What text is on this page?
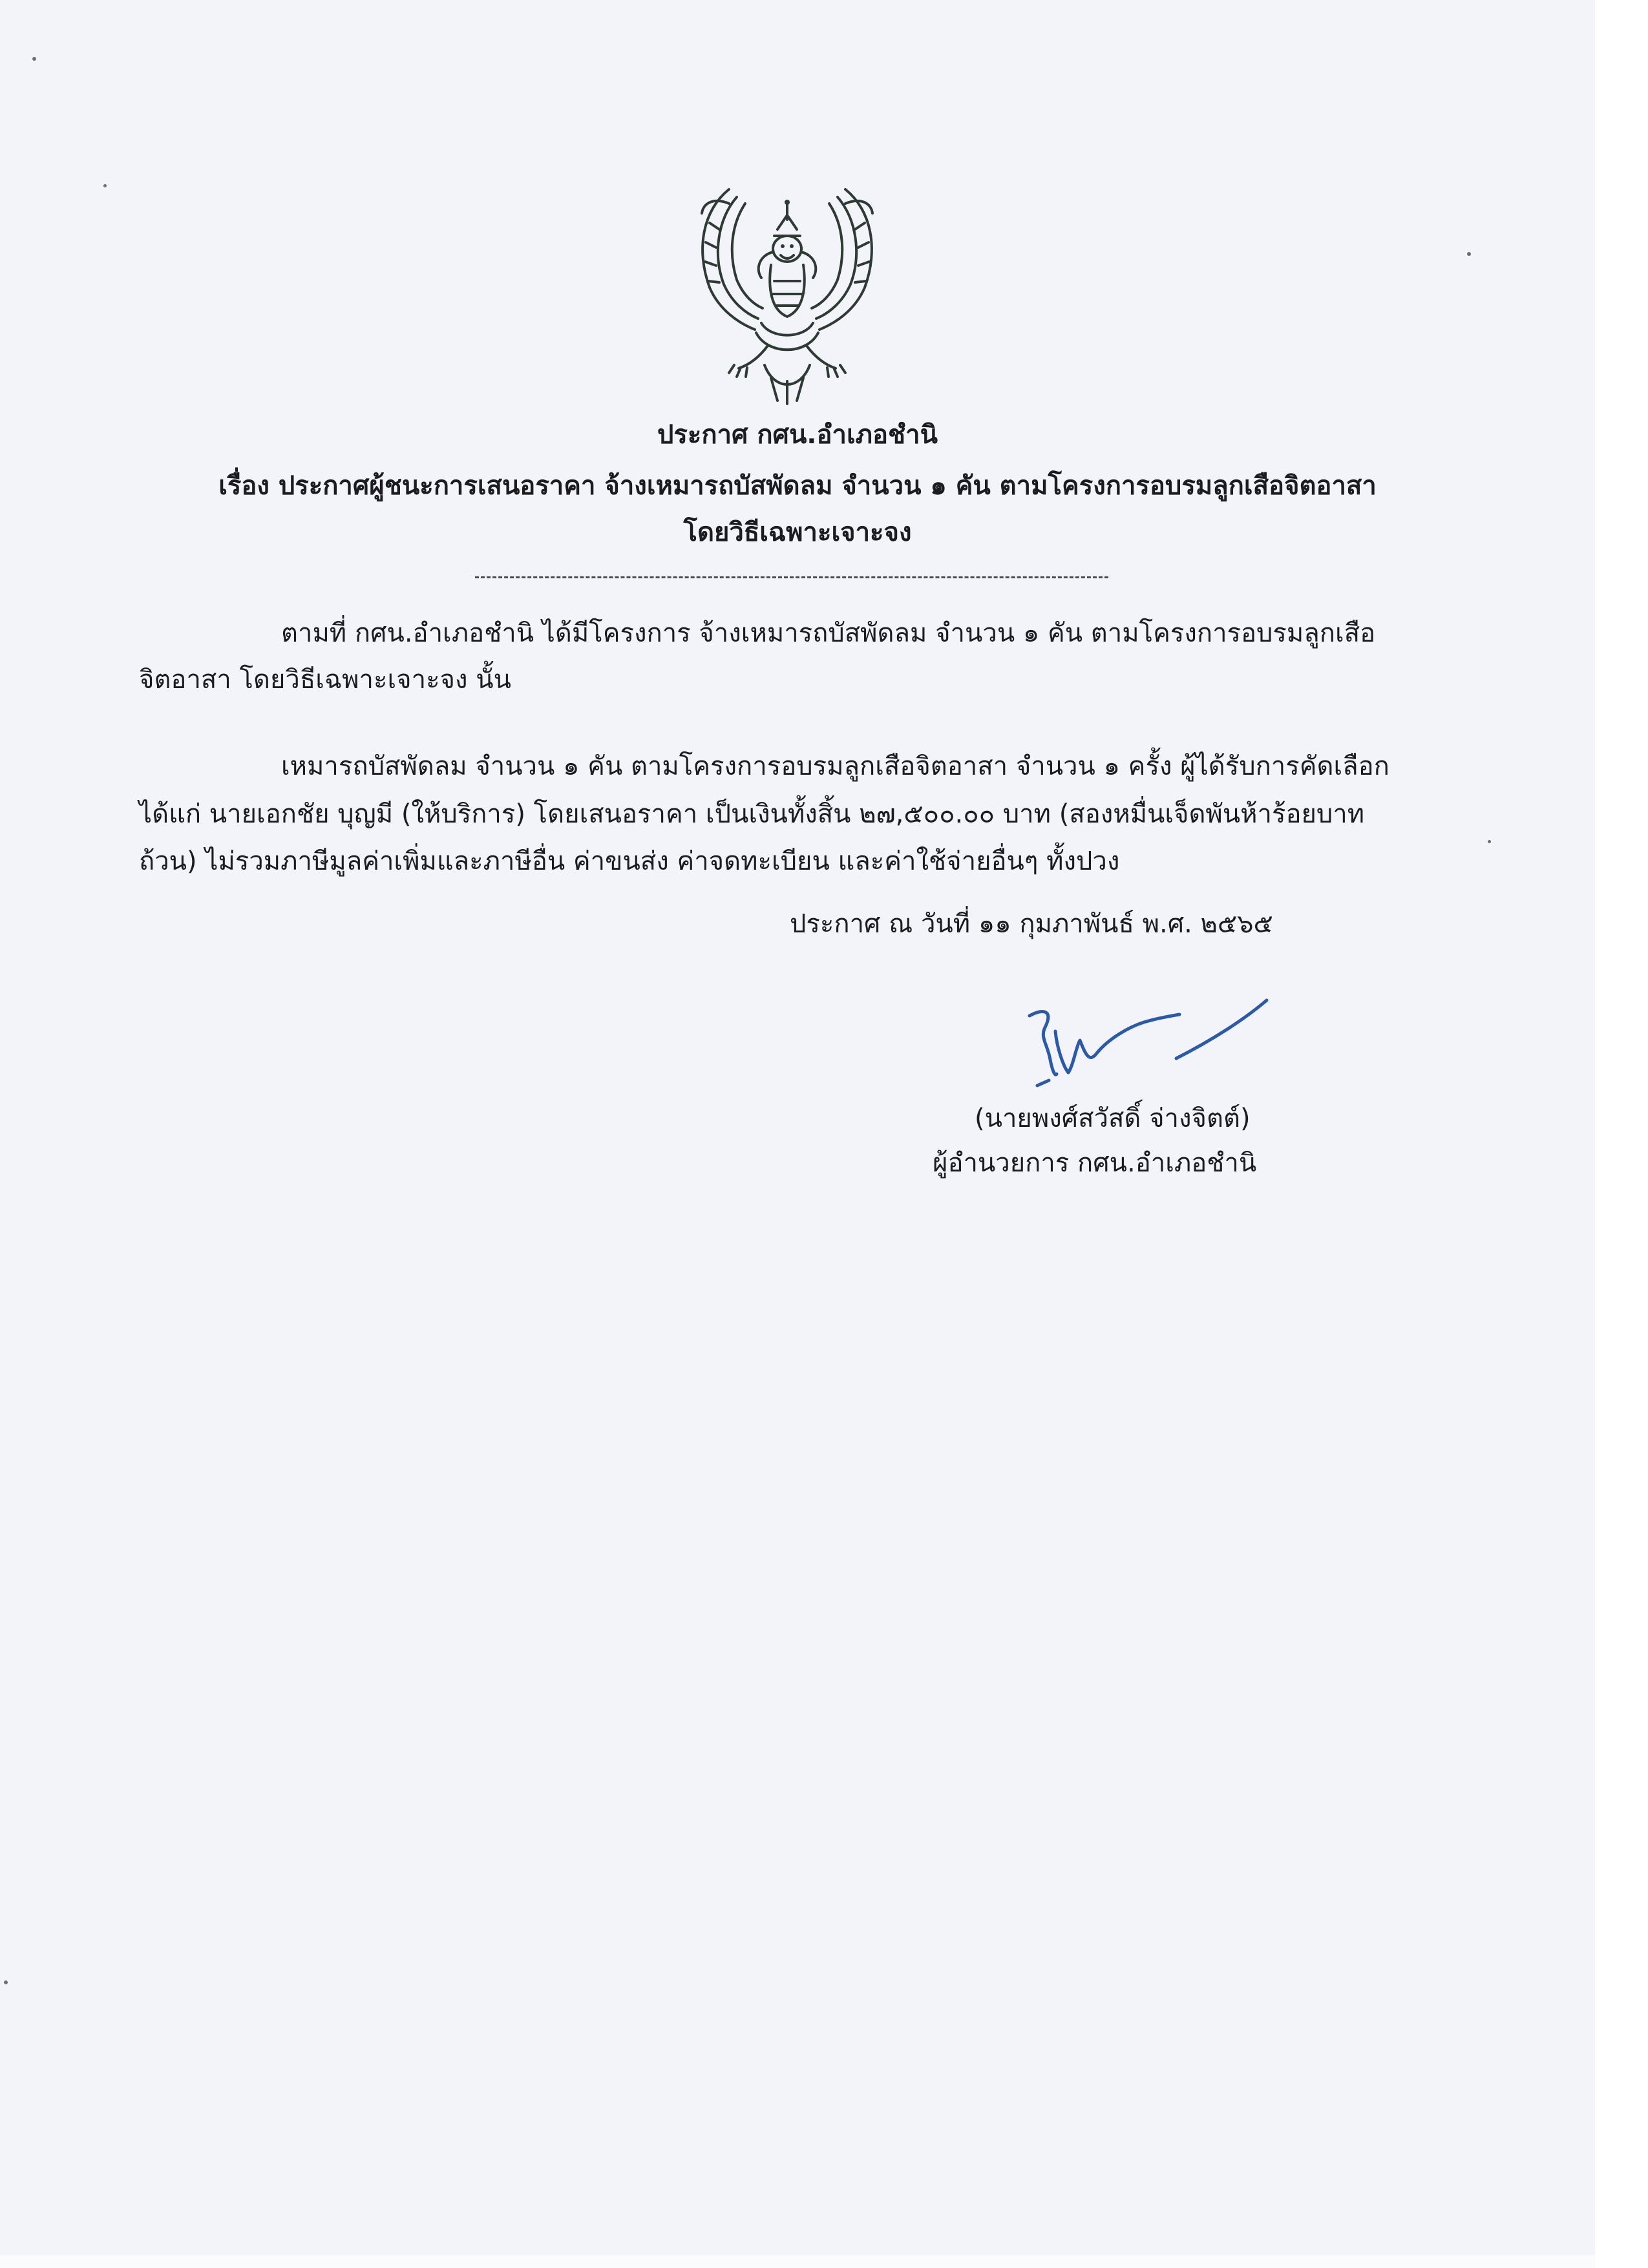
ประกาศ กศน.อำเภอชำนิ
เรื่อง ประกาศผู้ชนะการเสนอราคา จ้างเหมารถบัสพัดลม จำนวน ๑ คัน ตามโครงการอบรมลูกเสือจิตอาสา
โดยวิธีเฉพาะเจาะจง
ตามที่ กศน.อำเภอชำนิ ได้มีโครงการ จ้างเหมารถบัสพัดลม จำนวน ๑ คัน ตามโครงการอบรมลูกเสือ
จิตอาสา โดยวิธีเฉพาะเจาะจง นั้น
เหมารถบัสพัดลม จำนวน ๑ คัน ตามโครงการอบรมลูกเสือจิตอาสา จำนวน ๑ ครั้ง ผู้ได้รับการคัดเลือก
ได้แก่ นายเอกชัย บุญมี (ให้บริการ) โดยเสนอราคา เป็นเงินทั้งสิ้น ๒๗,๕๐๐.๐๐ บาท (สองหมื่นเจ็ดพันห้าร้อยบาท
ถ้วน) ไม่รวมภาษีมูลค่าเพิ่มและภาษีอื่น ค่าขนส่ง ค่าจดทะเบียน และค่าใช้จ่ายอื่นๆ ทั้งปวง
ประกาศ ณ วันที่ ๑๑ กุมภาพันธ์ พ.ศ. ๒๕๖๕
(นายพงศ์สวัสดิ์ จ่างจิตต์)
ผู้อำนวยการ กศน.อำเภอชำนิ
